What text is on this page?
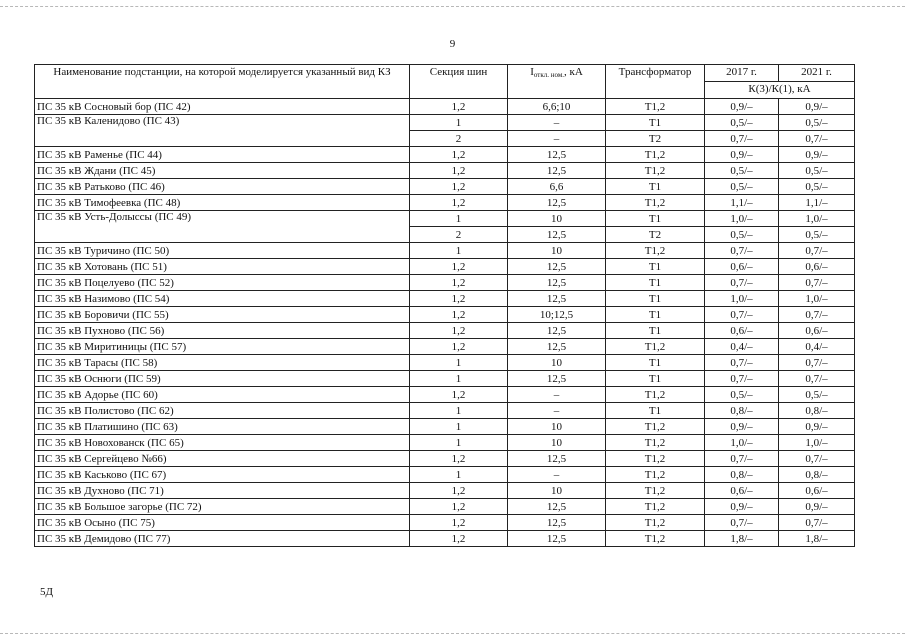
9
Наименование подстанции, на которой моделируется указанный вид КЗ	Секция шин	$I_{откл. ном.}$, кА	Трансформатор	2017 г.	2021 г.
				К(3)/К(1), кА	
ПС 35 кВ Сосновый бор (ПС 42)	1,2	6,6;10	Т1,2	0,9/–	0,9/–
ПС 35 кВ Каленидово (ПС 43)	1	–	Т1	0,5/–	0,5/–
	2	–	Т2	0,7/–	0,7/–
ПС 35 кВ Раменье (ПС 44)	1,2	12,5	Т1,2	0,9/–	0,9/–
ПС 35 кВ Ждани (ПС 45)	1,2	12,5	Т1,2	0,5/–	0,5/–
ПС 35 кВ Ратьково (ПС 46)	1,2	6,6	Т1	0,5/–	0,5/–
ПС 35 кВ Тимофеевка (ПС 48)	1,2	12,5	Т1,2	1,1/–	1,1/–
ПС 35 кВ Усть-Долыссы (ПС 49)	1	10	Т1	1,0/–	1,0/–
	2	12,5	Т2	0,5/–	0,5/–
ПС 35 кВ Туричино (ПС 50)	1	10	Т1,2	0,7/–	0,7/–
ПС 35 кВ Хотовань (ПС 51)	1,2	12,5	Т1	0,6/–	0,6/–
ПС 35 кВ Поцелуево (ПС 52)	1,2	12,5	Т1	0,7/–	0,7/–
ПС 35 кВ Назимово (ПС 54)	1,2	12,5	Т1	1,0/–	1,0/–
ПС 35 кВ Боровичи (ПС 55)	1,2	10;12,5	Т1	0,7/–	0,7/–
ПС 35 кВ Пухново (ПС 56)	1,2	12,5	Т1	0,6/–	0,6/–
ПС 35 кВ Миритиницы (ПС 57)	1,2	12,5	Т1,2	0,4/–	0,4/–
ПС 35 кВ Тарасы (ПС 58)	1	10	Т1	0,7/–	0,7/–
ПС 35 кВ Оснюги (ПС 59)	1	12,5	Т1	0,7/–	0,7/–
ПС 35 кВ Адорье (ПС 60)	1,2	–	Т1,2	0,5/–	0,5/–
ПС 35 кВ Полистово (ПС 62)	1	–	Т1	0,8/–	0,8/–
ПС 35 кВ Платишино (ПС 63)	1	10	Т1,2	0,9/–	0,9/–
ПС 35 кВ Новохованск (ПС 65)	1	10	Т1,2	1,0/–	1,0/–
ПС 35 кВ Сергейцево №66)	1,2	12,5	Т1,2	0,7/–	0,7/–
ПС 35 кВ Каськово (ПС 67)	1	–	Т1,2	0,8/–	0,8/–
ПС 35 кВ Духново (ПС 71)	1,2	10	Т1,2	0,6/–	0,6/–
ПС 35 кВ Большое загорье (ПС 72)	1,2	12,5	Т1,2	0,9/–	0,9/–
ПС 35 кВ Осыно (ПС 75)	1,2	12,5	Т1,2	0,7/–	0,7/–
ПС 35 кВ Демидово (ПС 77)	1,2	12,5	Т1,2	1,8/–	1,8/–
5Д
